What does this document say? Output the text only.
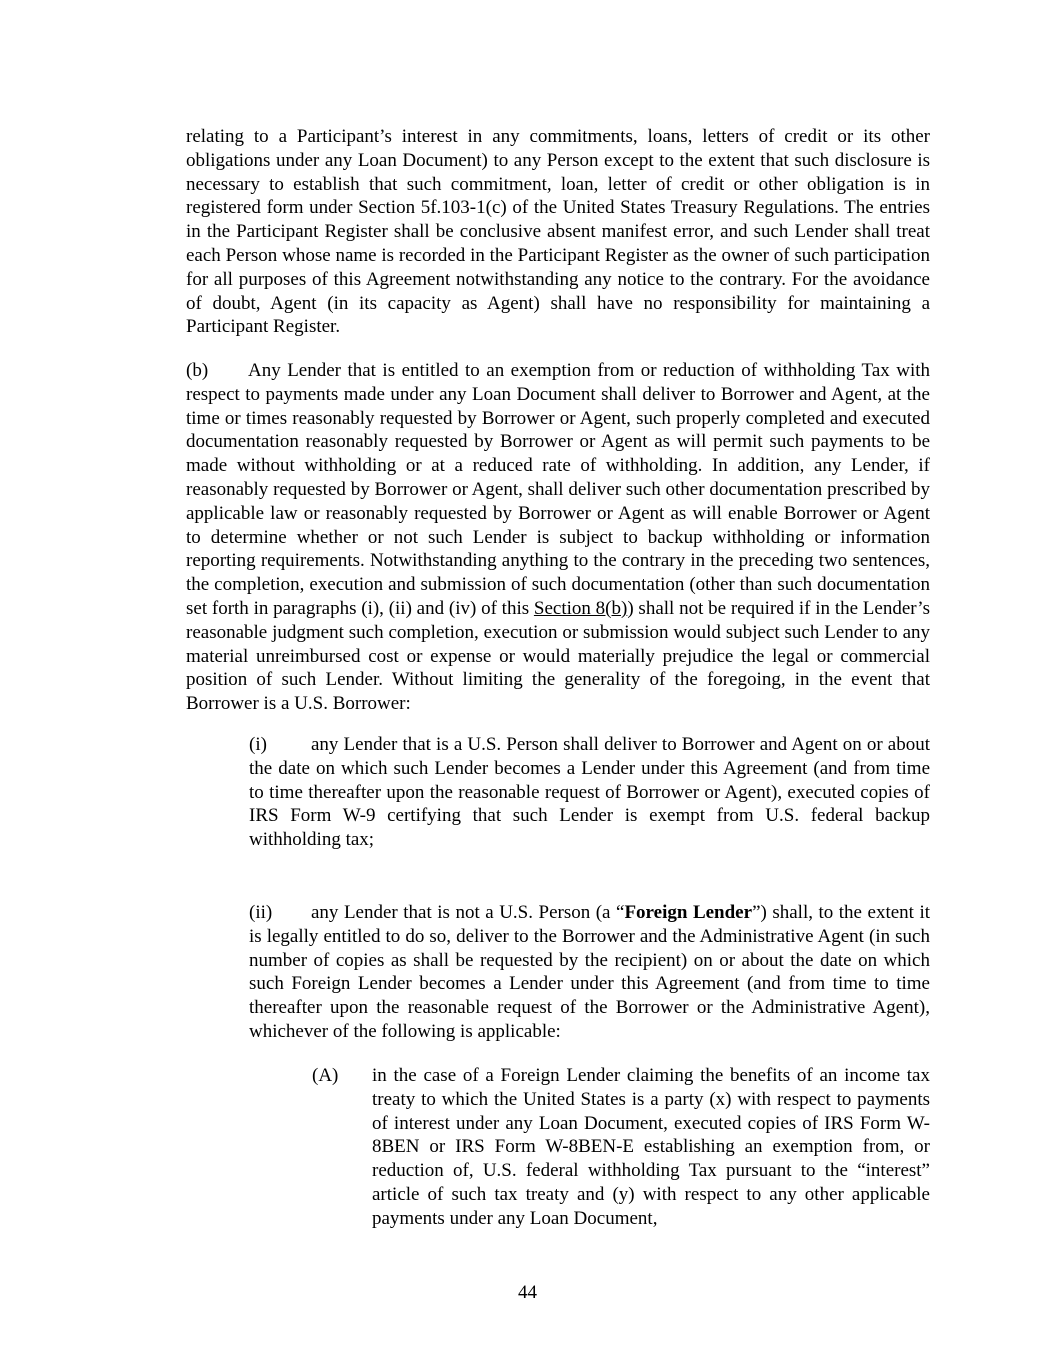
relating to a Participant’s interest in any commitments, loans, letters of credit or its other obligations under any Loan Document) to any Person except to the extent that such disclosure is necessary to establish that such commitment, loan, letter of credit or other obligation is in registered form under Section 5f.103-1(c) of the United States Treasury Regulations. The entries in the Participant Register shall be conclusive absent manifest error, and such Lender shall treat each Person whose name is recorded in the Participant Register as the owner of such participation for all purposes of this Agreement notwithstanding any notice to the contrary. For the avoidance of doubt, Agent (in its capacity as Agent) shall have no responsibility for maintaining a Participant Register.

(b) Any Lender that is entitled to an exemption from or reduction of withholding Tax with respect to payments made under any Loan Document shall deliver to Borrower and Agent, at the time or times reasonably requested by Borrower or Agent, such properly completed and executed documentation reasonably requested by Borrower or Agent as will permit such payments to be made without withholding or at a reduced rate of withholding. In addition, any Lender, if reasonably requested by Borrower or Agent, shall deliver such other documentation prescribed by applicable law or reasonably requested by Borrower or Agent as will enable Borrower or Agent to determine whether or not such Lender is subject to backup withholding or information reporting requirements. Notwithstanding anything to the contrary in the preceding two sentences, the completion, execution and submission of such documentation (other than such documentation set forth in paragraphs (i), (ii) and (iv) of this Section 8(b)) shall not be required if in the Lender’s reasonable judgment such completion, execution or submission would subject such Lender to any material unreimbursed cost or expense or would materially prejudice the legal or commercial position of such Lender. Without limiting the generality of the foregoing, in the event that Borrower is a U.S. Borrower:

(i) any Lender that is a U.S. Person shall deliver to Borrower and Agent on or about the date on which such Lender becomes a Lender under this Agreement (and from time to time thereafter upon the reasonable request of Borrower or Agent), executed copies of IRS Form W-9 certifying that such Lender is exempt from U.S. federal backup withholding tax;

(ii) any Lender that is not a U.S. Person (a “Foreign Lender”) shall, to the extent it is legally entitled to do so, deliver to the Borrower and the Administrative Agent (in such number of copies as shall be requested by the recipient) on or about the date on which such Foreign Lender becomes a Lender under this Agreement (and from time to time thereafter upon the reasonable request of the Borrower or the Administrative Agent), whichever of the following is applicable:

(A) in the case of a Foreign Lender claiming the benefits of an income tax treaty to which the United States is a party (x) with respect to payments of interest under any Loan Document, executed copies of IRS Form W-8BEN or IRS Form W-8BEN-E establishing an exemption from, or reduction of, U.S. federal withholding Tax pursuant to the “interest” article of such tax treaty and (y) with respect to any other applicable payments under any Loan Document,

44
